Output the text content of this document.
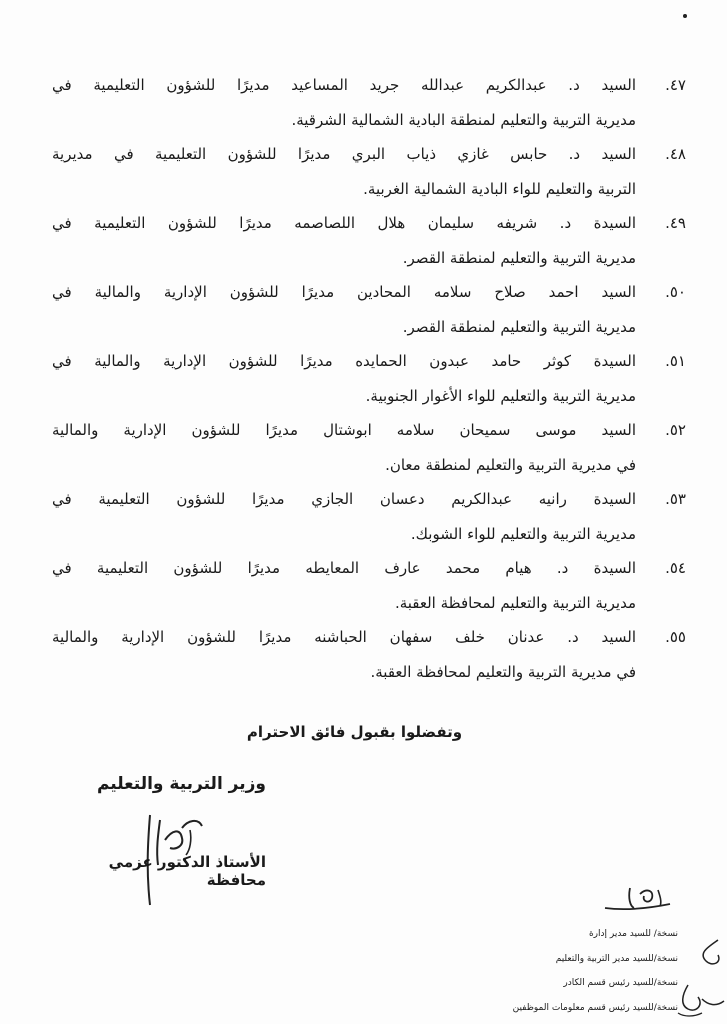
٤٧.
السيد د. عبدالكريم عبدالله جريد المساعيد مديرًا للشؤون التعليمية في
مديرية التربية والتعليم لمنطقة البادية الشمالية الشرقية.
٤٨.
السيد د. حابس غازي ذياب البري مديرًا للشؤون التعليمية في مديرية
التربية والتعليم للواء البادية الشمالية الغربية.
٤٩.
السيدة د. شريفه سليمان هلال اللصاصمه مديرًا للشؤون التعليمية في
مديرية التربية والتعليم لمنطقة القصر.
٥٠.
السيد احمد صلاح سلامه المحادين مديرًا للشؤون الإدارية والمالية في
مديرية التربية والتعليم لمنطقة القصر.
٥١.
السيدة كوثر حامد عبدون الحمايده مديرًا للشؤون الإدارية والمالية في
مديرية التربية والتعليم للواء الأغوار الجنوبية.
٥٢.
السيد موسى سميحان سلامه ابوشتال مديرًا للشؤون الإدارية والمالية
في مديرية التربية والتعليم لمنطقة معان.
٥٣.
السيدة رانيه عبدالكريم دعسان الجازي مديرًا للشؤون التعليمية في
مديرية التربية والتعليم للواء الشوبك.
٥٤.
السيدة د. هيام محمد عارف المعايطه مديرًا للشؤون التعليمية في
مديرية التربية والتعليم لمحافظة العقبة.
٥٥.
السيد د. عدنان خلف سفهان الحباشنه مديرًا للشؤون الإدارية والمالية
في مديرية التربية والتعليم لمحافظة العقبة.
وتفضلوا بقبول فائق الاحترام
وزير التربية والتعليم
الأستاذ الدكتور عزمي محافظة
نسخة/ للسيد مدير إدارة
نسخة/للسيد مدير التربية والتعليم
نسخة/للسيد رئيس قسم الكادر
نسخة/للسيد رئيس قسم معلومات الموظفين
